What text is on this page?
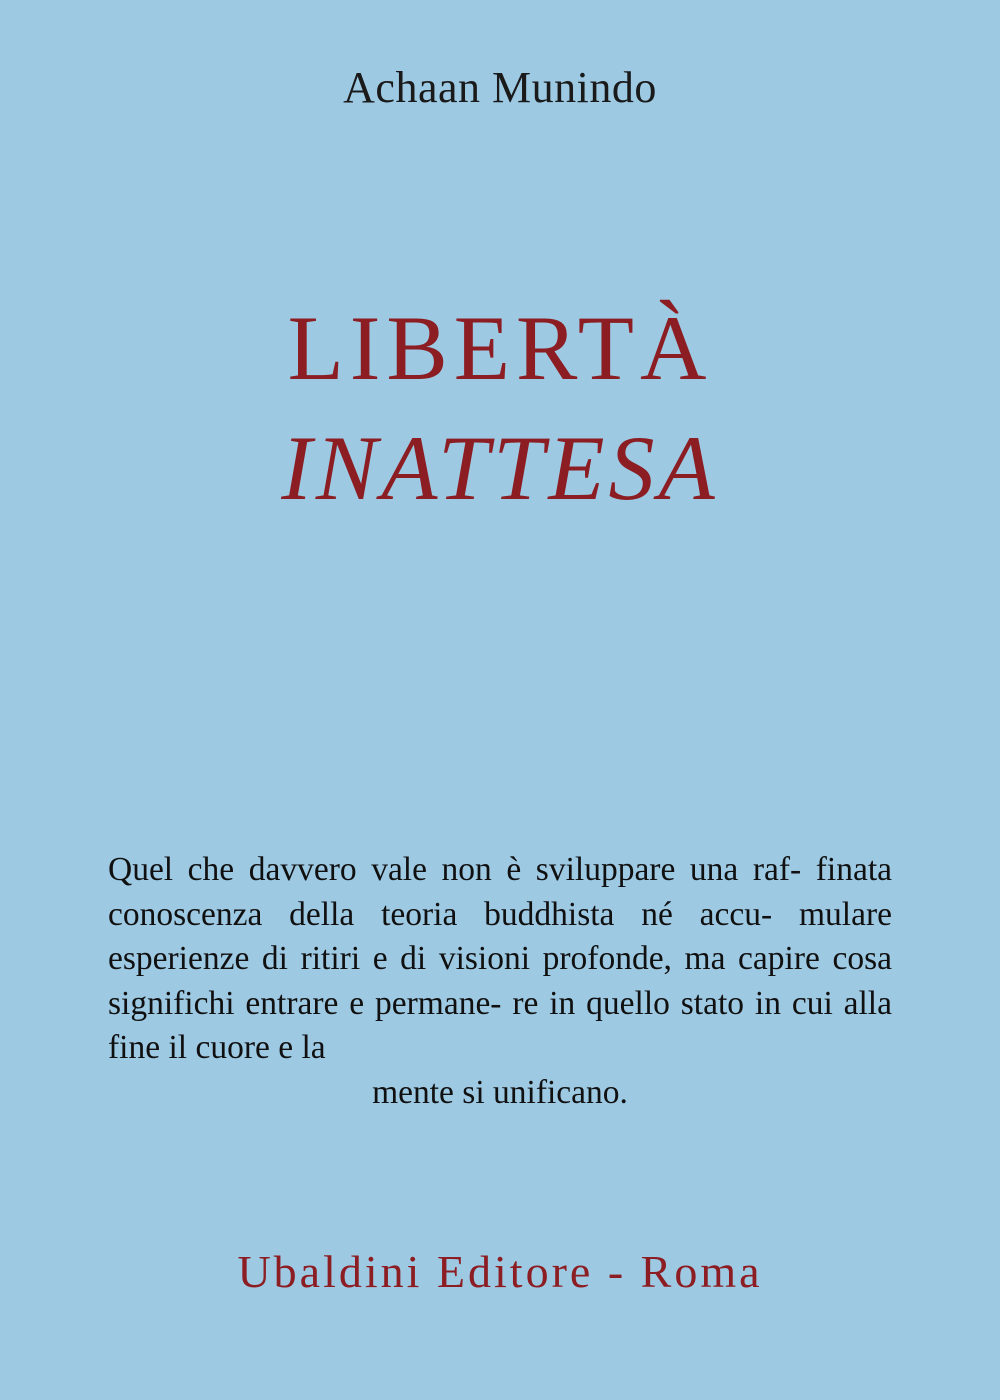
Achaan Munindo
LIBERTÀ
INATTESA
Quel che davvero vale non è sviluppare una raf- finata conoscenza della teoria buddhista né accu- mulare esperienze di ritiri e di visioni profonde, ma capire cosa significhi entrare e permane- re in quello stato in cui alla fine il cuore e la
mente si unificano.
Ubaldini Editore - Roma
